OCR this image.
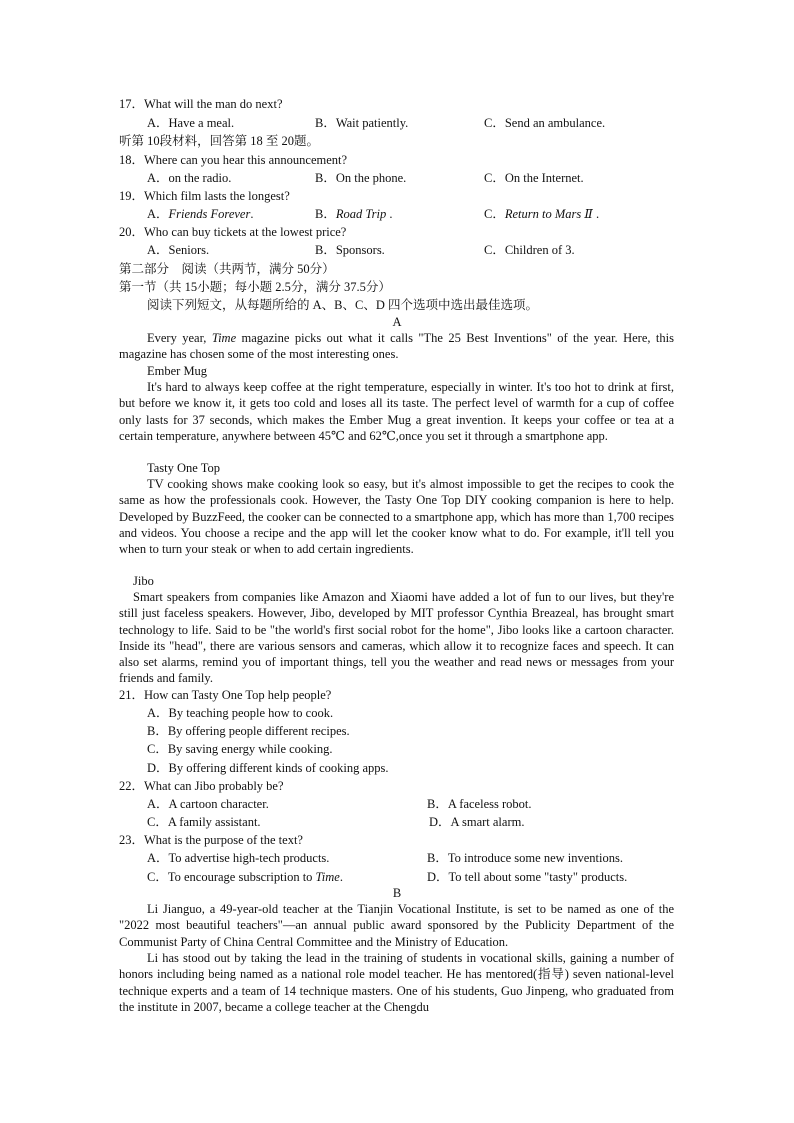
17．What will the man do next?
A．Have a meal.	B．Wait patiently.	C．Send an ambulance.
听第 10段材料，回答第 18 至 20题。
18．Where can you hear this announcement?
A．on the radio.	B．On the phone.	C．On the Internet.
19．Which film lasts the longest?
A．Friends Forever.	B．Road Trip .	C．Return to Mars Ⅱ .
20．Who can buy tickets at the lowest price?
A．Seniors.	B．Sponsors.	C．Children of 3.
第二部分　阅读（共两节，满分 50分）
第一节（共 15小题；每小题 2.5分，满分 37.5分）
阅读下列短文，从每题所给的 A、B、C、D 四个选项中选出最佳选项。
A
Every year, Time magazine picks out what it calls "The 25 Best Inventions" of the year. Here, this magazine has chosen some of the most interesting ones.
Ember Mug
It's hard to always keep coffee at the right temperature, especially in winter. It's too hot to drink at first, but before we know it, it gets too cold and loses all its taste. The perfect level of warmth for a cup of coffee only lasts for 37 seconds, which makes the Ember Mug a great invention. It keeps your coffee or tea at a certain temperature, anywhere between 45℃ and 62℃,once you set it through a smartphone app.
Tasty One Top
TV cooking shows make cooking look so easy, but it's almost impossible to get the recipes to cook the same as how the professionals cook. However, the Tasty One Top DIY cooking companion is here to help. Developed by BuzzFeed, the cooker can be connected to a smartphone app, which has more than 1,700 recipes and videos. You choose a recipe and the app will let the cooker know what to do. For example, it'll tell you when to turn your steak or when to add certain ingredients.
Jibo
Smart speakers from companies like Amazon and Xiaomi have added a lot of fun to our lives, but they're still just faceless speakers. However, Jibo, developed by MIT professor Cynthia Breazeal, has brought smart technology to life. Said to be "the world's first social robot for the home", Jibo looks like a cartoon character. Inside its "head", there are various sensors and cameras, which allow it to recognize faces and speech. It can also set alarms, remind you of important things, tell you the weather and read news or messages from your friends and family.
21．How can Tasty One Top help people?
A．By teaching people how to cook.
B．By offering people different recipes.
C．By saving energy while cooking.
D．By offering different kinds of cooking apps.
22．What can Jibo probably be?
A．A cartoon character.	B．A faceless robot.
C．A family assistant.	D．A smart alarm.
23．What is the purpose of the text?
A．To advertise high-tech products.	B．To introduce some new inventions.
C．To encourage subscription to Time.	D．To tell about some "tasty" products.
B
Li Jianguo, a 49-year-old teacher at the Tianjin Vocational Institute, is set to be named as one of the "2022 most beautiful teachers"—an annual public award sponsored by the Publicity Department of the Communist Party of China Central Committee and the Ministry of Education.
Li has stood out by taking the lead in the training of students in vocational skills, gaining a number of honors including being named as a national role model teacher. He has mentored(指导) seven national-level technique experts and a team of 14 technique masters. One of his students, Guo Jinpeng, who graduated from the institute in 2007, became a college teacher at the Chengdu
